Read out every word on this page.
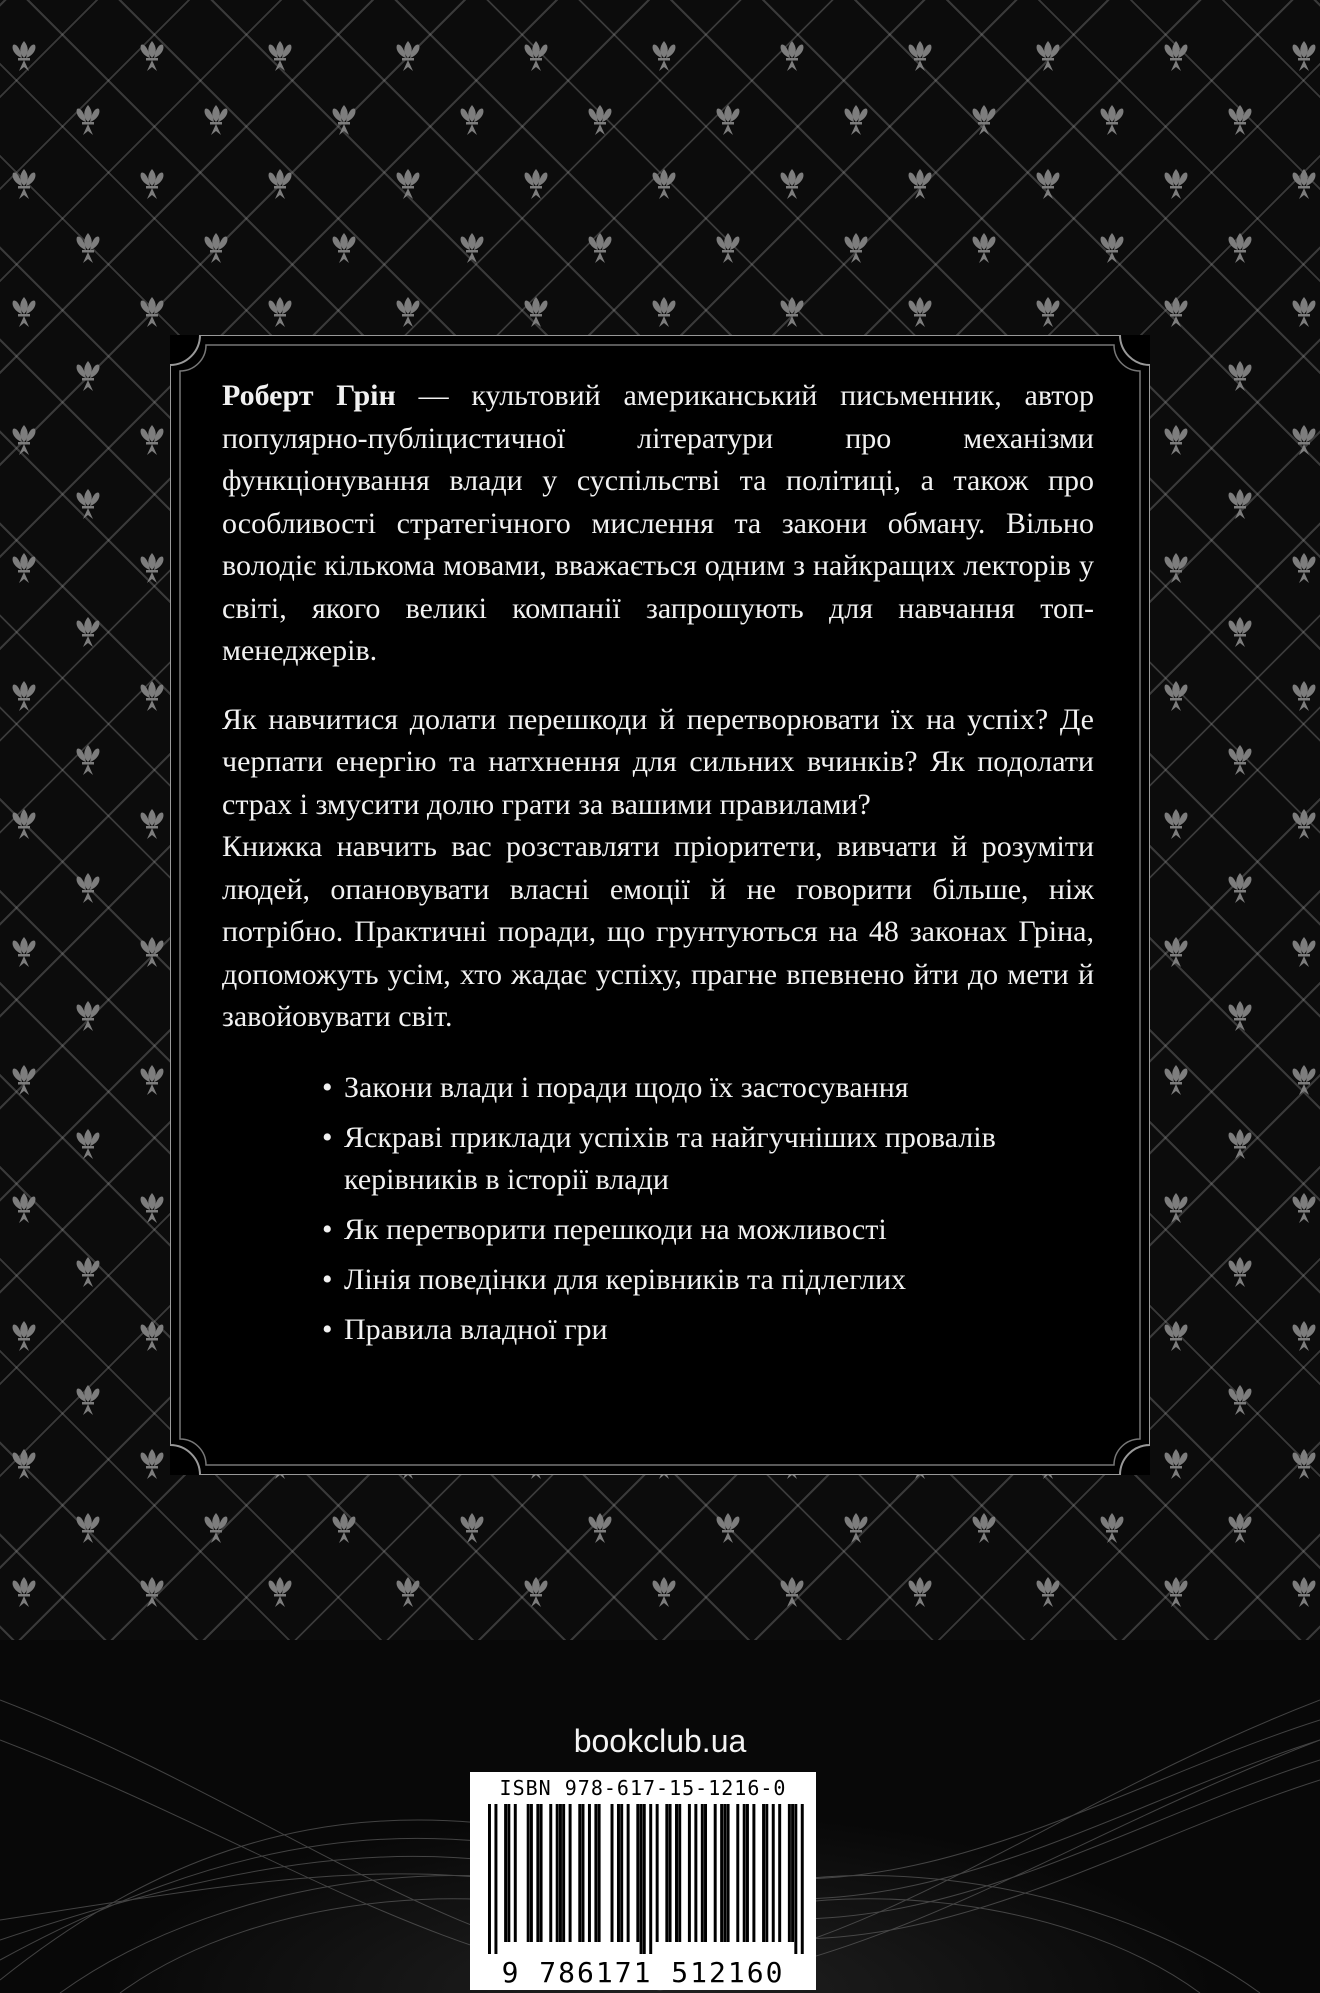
Роберт Грін — культовий американський письменник, автор популярно-публіцистичної літератури про механізми функціонування влади у суспільстві та політиці, а також про особливості стратегічного мислення та закони обману. Вільно володіє кількома мовами, вважається одним з найкращих лекторів у світі, якого великі компанії запрошують для навчання топ-менеджерів.

Як навчитися долати перешкоди й перетворювати їх на успіх? Де черпати енергію та натхнення для сильних вчинків? Як подолати страх і змусити долю грати за вашими правилами?

Книжка навчить вас розставляти пріоритети, вивчати й розуміти людей, опановувати власні емоції й не говорити більше, ніж потрібно. Практичні поради, що грунтуються на 48 законах Гріна, допоможуть усім, хто жадає успіху, прагне впевнено йти до мети й завойовувати світ.

• Закони влади і поради щодо їх застосування
• Яскраві приклади успіхів та найгучніших провалів керівників в історії влади
• Як перетворити перешкоди на можливості
• Лінія поведінки для керівників та підлеглих
• Правила владної гри
bookclub.ua
ISBN 978-617-15-1216-0
9 786171 512160
